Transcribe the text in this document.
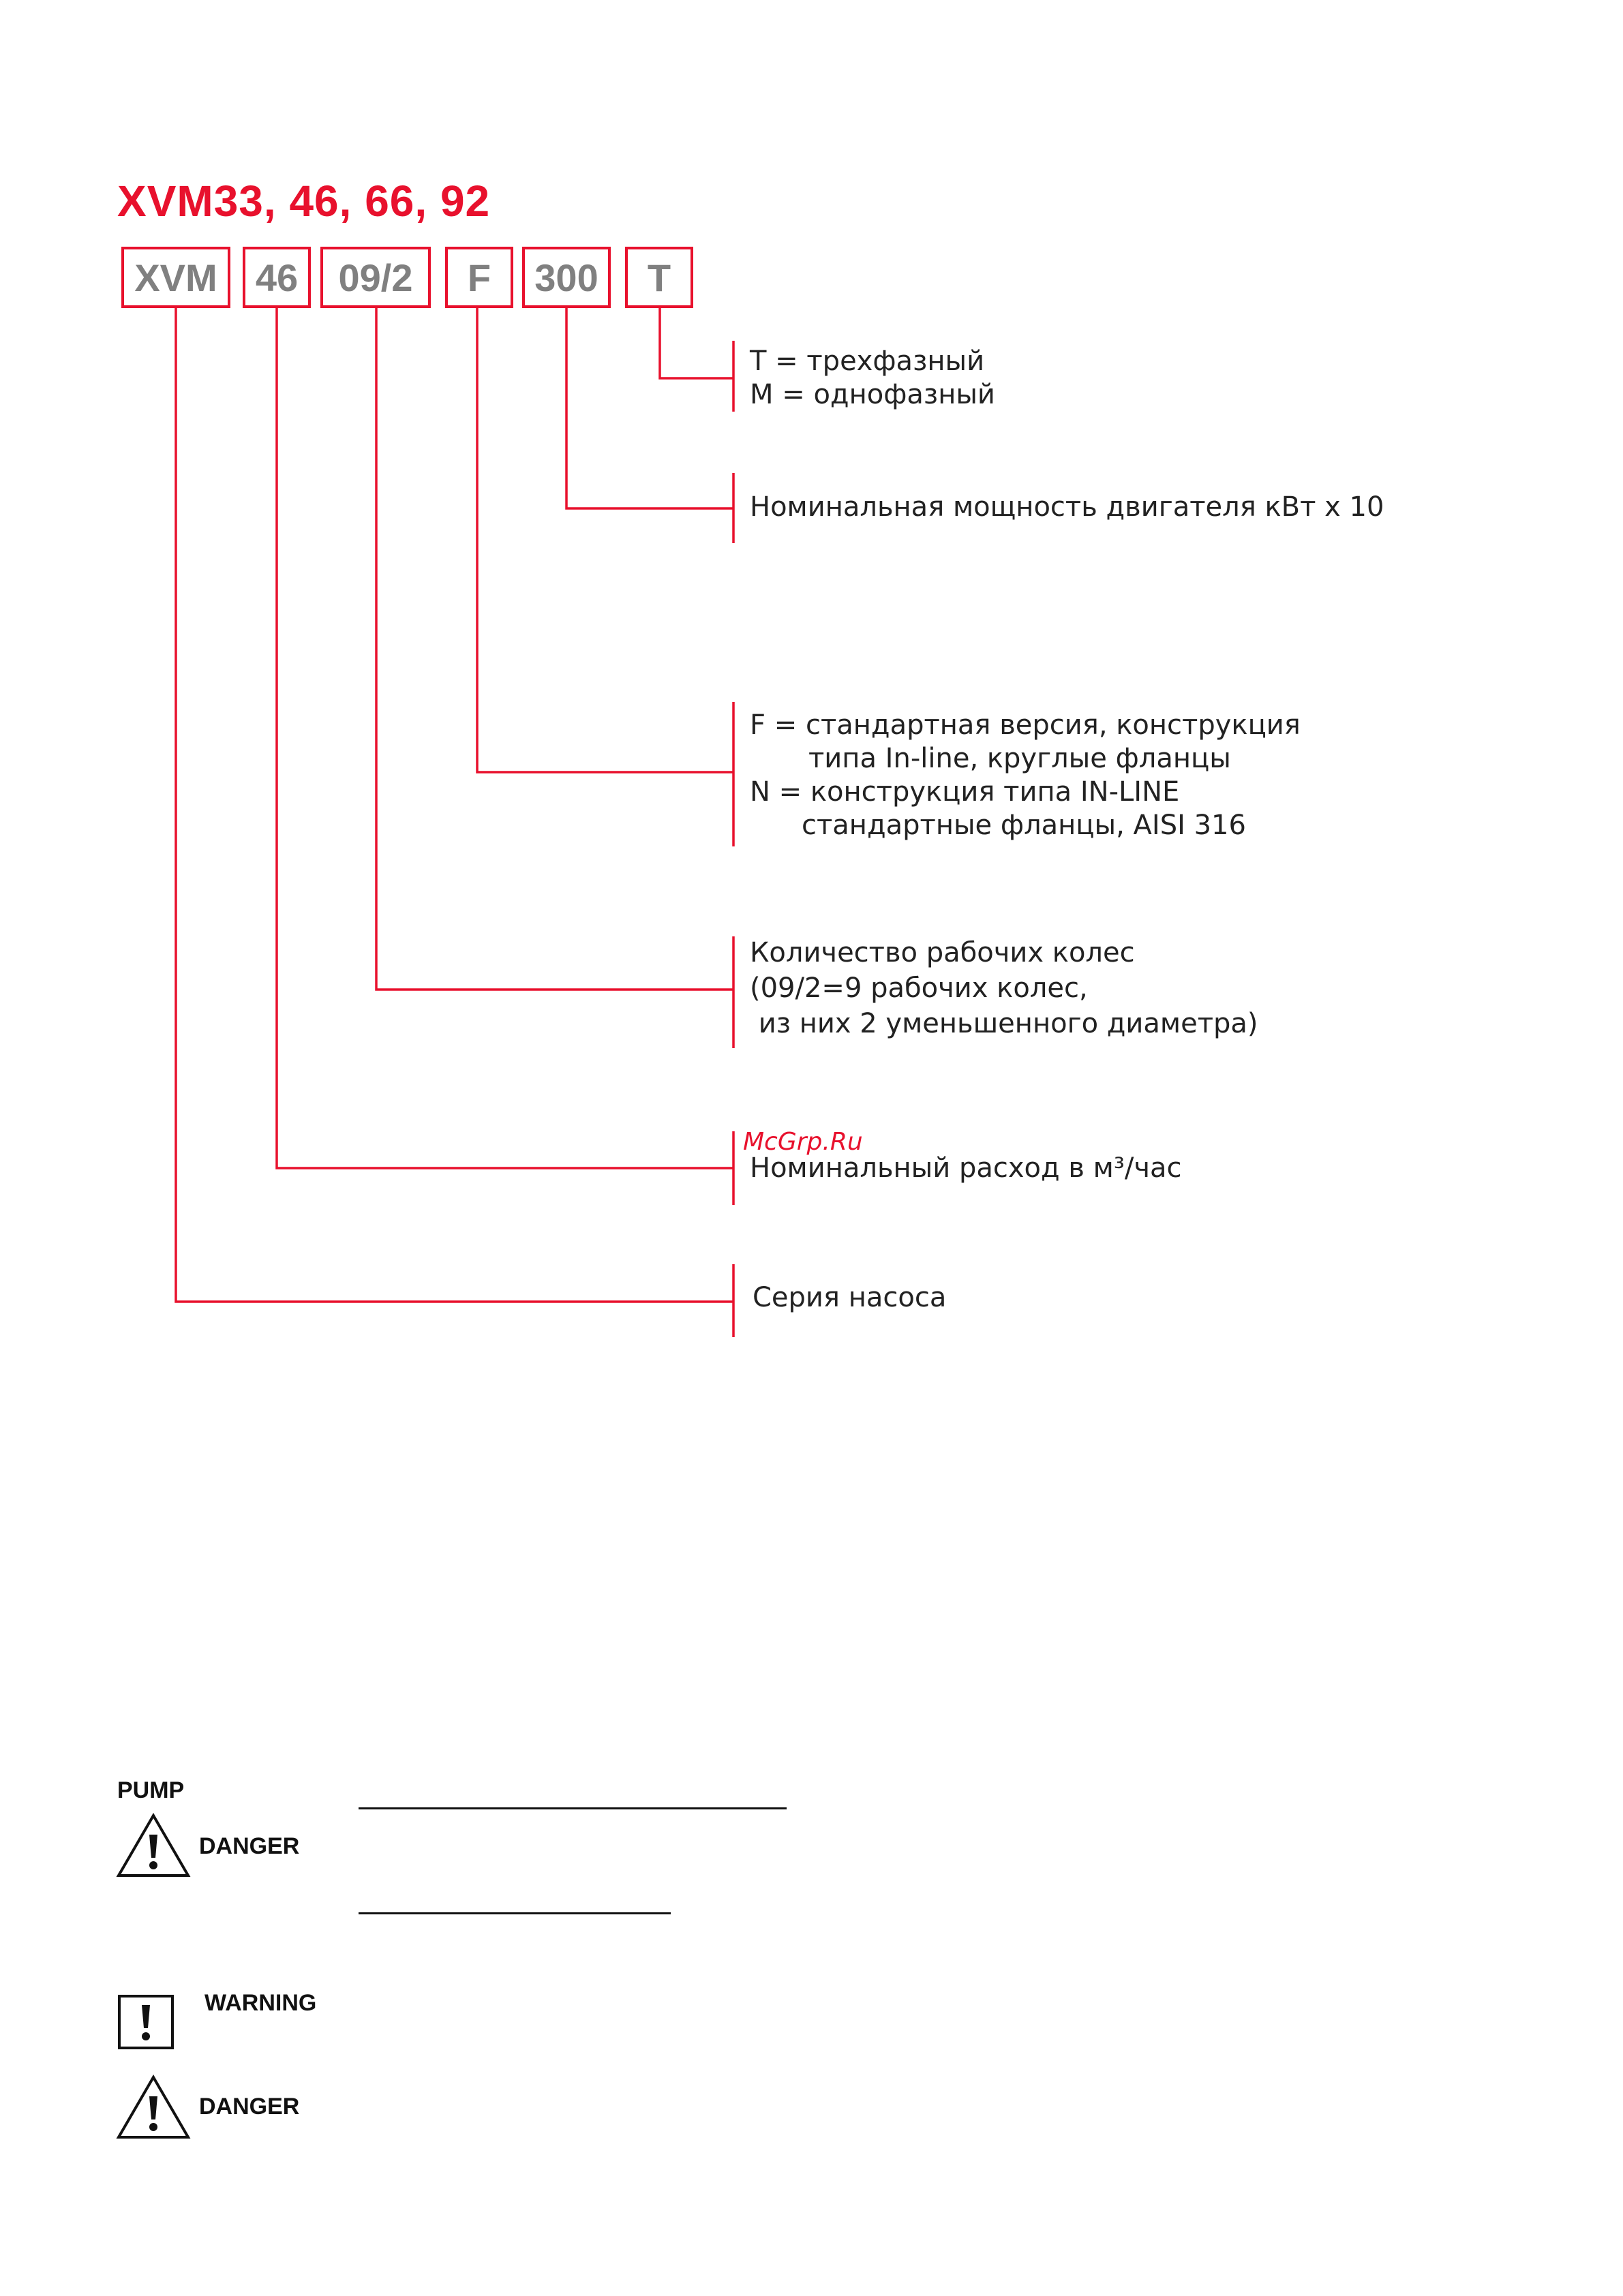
XVM33, 46, 66, 92
XVM	46	09/2	F	300	T
T = трехфазный
M = однофазный
Номинальная мощность двигателя кВт x 10
F = стандартная версия, конструкция
типа In-line, круглые фланцы
N = конструкция типа IN-LINE
стандартные фланцы, AISI 316
Количество рабочих колес
(09/2=9 рабочих колес,
из них 2 уменьшенного диаметра)
McGrp.Ru
Номинальный расход в м³/час
Серия насоса
PUMP
DANGER
WARNING
DANGER
